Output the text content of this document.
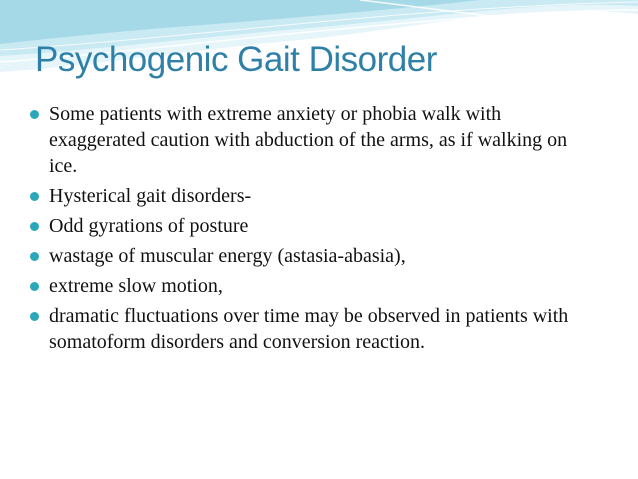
Psychogenic Gait Disorder
Some patients with extreme anxiety or phobia walk with exaggerated caution with abduction of the arms, as if walking on ice.
Hysterical gait disorders-
Odd gyrations of posture
wastage of muscular energy (astasia-abasia),
extreme slow motion,
dramatic fluctuations over time may be observed in patients with somatoform disorders and conversion reaction.
